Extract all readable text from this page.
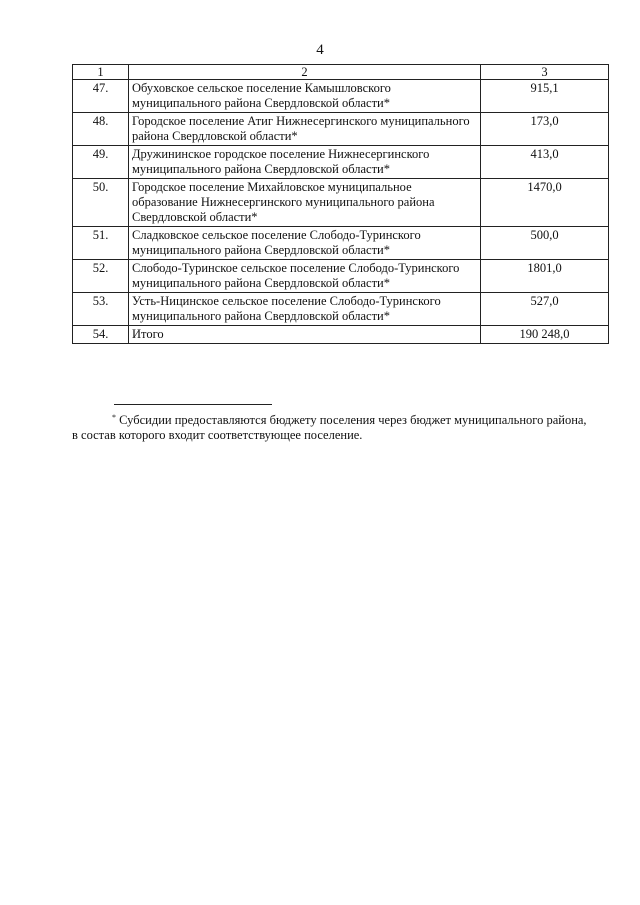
4
1	2	3
47.	Обуховское сельское поселение Камышловского муниципального района Свердловской области*	915,1
48.	Городское поселение Атиг Нижнесергинского муниципального района Свердловской области*	173,0
49.	Дружининское городское поселение Нижнесергинского муниципального района Свердловской области*	413,0
50.	Городское поселение Михайловское муниципальное образование Нижнесергинского муниципального района Свердловской области*	1470,0
51.	Сладковское сельское поселение Слободо-Туринского муниципального района Свердловской области*	500,0
52.	Слободо-Туринское сельское поселение Слободо-Туринского муниципального района Свердловской области*	1801,0
53.	Усть-Ницинское сельское поселение Слободо-Туринского муниципального района Свердловской области*	527,0
54.	Итого	190 248,0
* Субсидии предоставляются бюджету поселения через бюджет муниципального района,
в состав которого входит соответствующее поселение.
